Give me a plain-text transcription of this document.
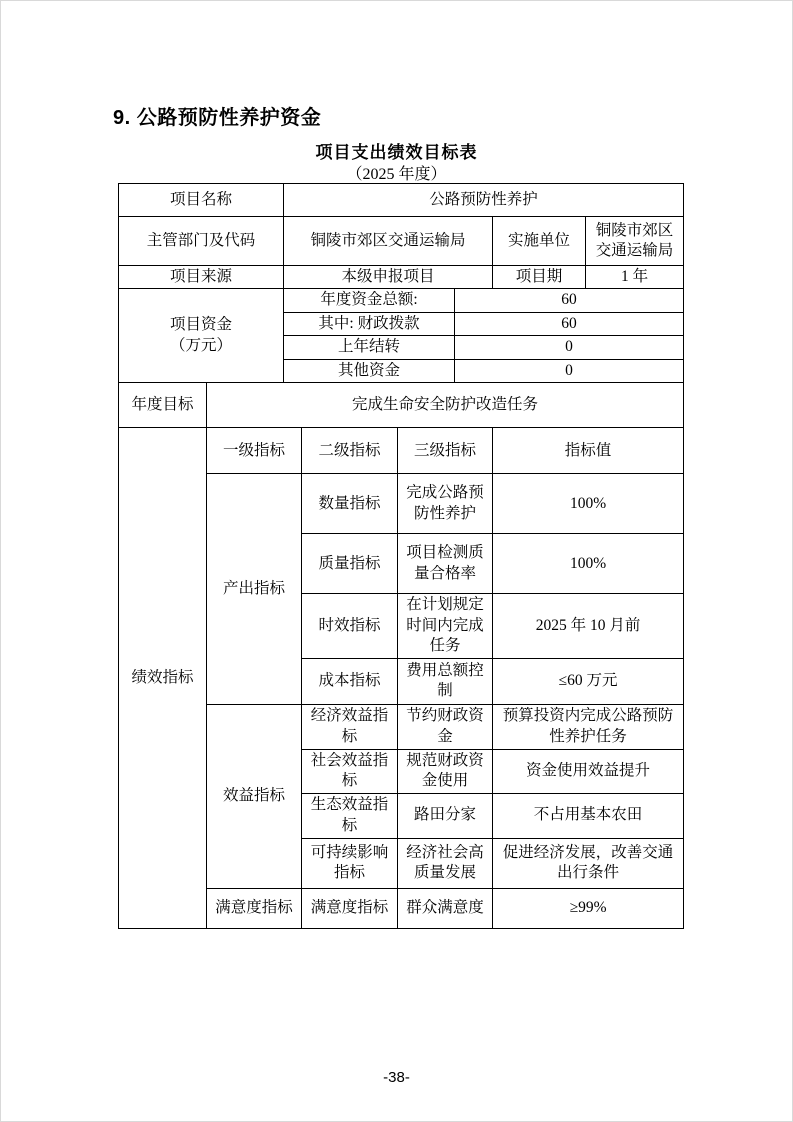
9. 公路预防性养护资金
项目支出绩效目标表
（2025 年度）
项目名称		公路预防性养护					
主管部门及代码		铜陵市郊区交通运输局				实施单位	铜陵市郊区交通运输局
项目来源		本级申报项目				项目期	1 年

项目资金
（万元）		年度资金总额:			60		
		其中: 财政拨款			60		
		上年结转			0		
		其他资金			0		
年度目标	完成生命安全防护改造任务						
绩效指标	一级指标		二级指标	三级指标		指标值	
	产出指标		数量指标	完成公路预防性养护		100%	
			质量指标	项目检测质量合格率		100%	
			时效指标	在计划规定时间内完成任务		2025 年 10 月前	
			成本指标	费用总额控制		≤60 万元	
	效益指标		经济效益指标	节约财政资金		预算投资内完成公路预防性养护任务	
			社会效益指标	规范财政资金使用		资金使用效益提升	
			生态效益指标	路田分家		不占用基本农田	
			可持续影响指标	经济社会高质量发展		促进经济发展，改善交通出行条件	
	满意度指标		满意度指标	群众满意度		≥99%	
-38-
